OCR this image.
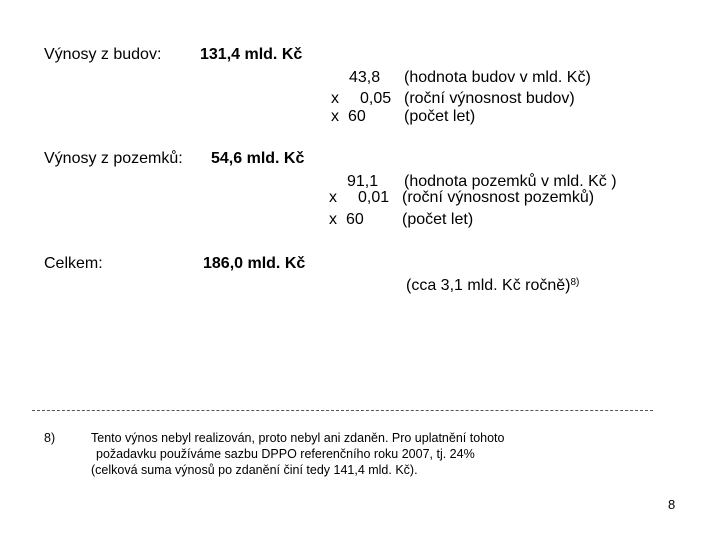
Výnosy z budov: 131,4 mld. Kč
43,8 (hodnota budov v mld. Kč)
x 0,05 (roční výnosnost budov)
x 60 (počet let)
Výnosy z pozemků: 54,6 mld. Kč
91,1 (hodnota pozemků v mld. Kč )
x 0,01 (roční výnosnost pozemků)
x 60 (počet let)
Celkem:	186,0 mld. Kč
(cca 3,1 mld. Kč ročně)$^{8)}$
8)	Tento výnos nebyl realizován, proto nebyl ani zdaněn. Pro uplatnění tohoto
požadavku používáme sazbu DPPO referenčního roku 2007, tj. 24%
(celková suma výnosů po zdanění činí tedy 141,4 mld. Kč).
8
